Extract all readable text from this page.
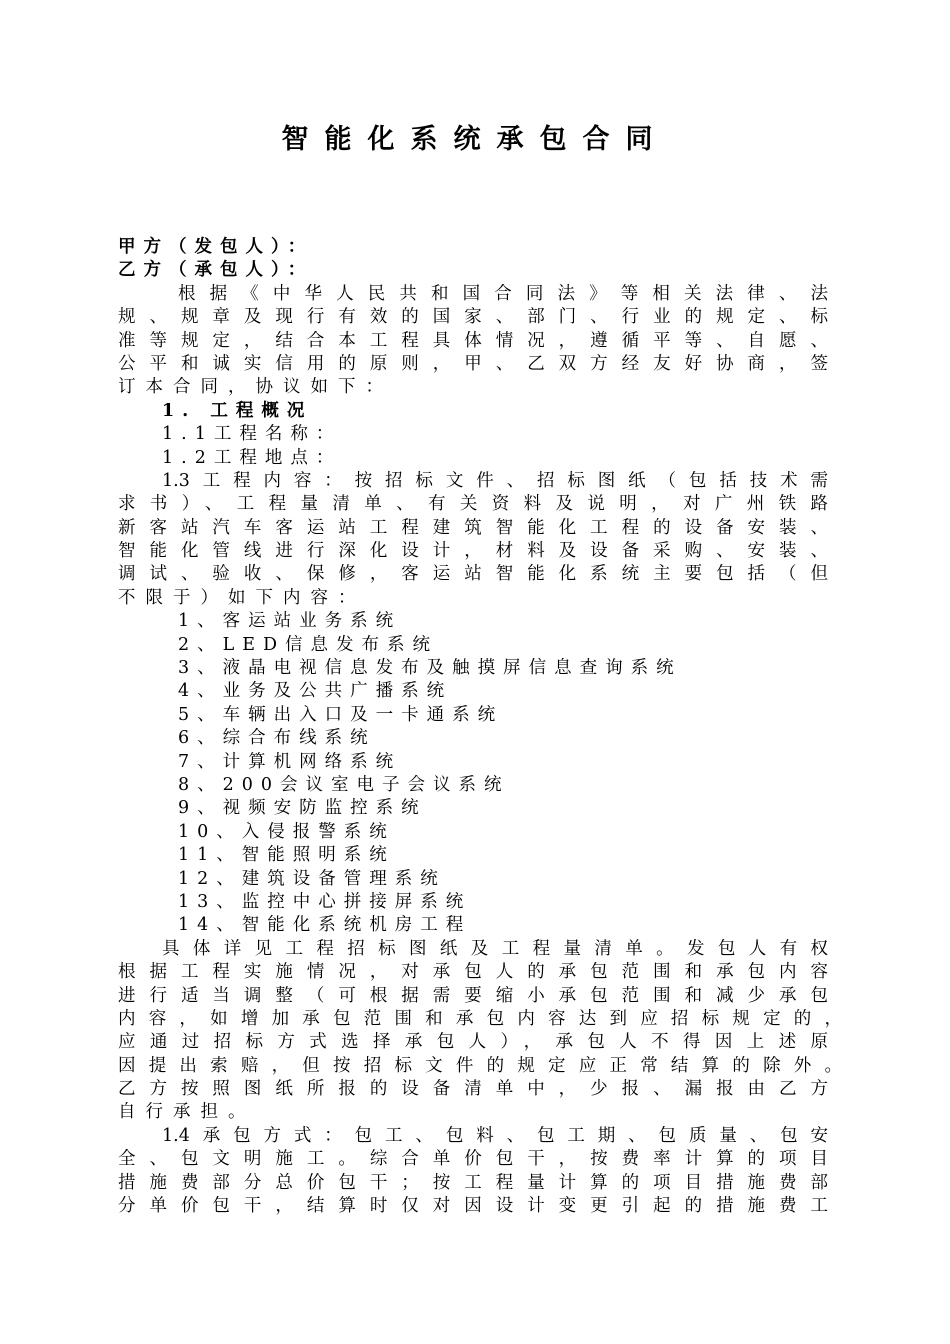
智能化系统承包合同
甲方（发包人）：
乙方（承包人）：
根据《中华人民共和国合同法》等相关法律、法
规、规章及现行有效的国家、部门、行业的规定、标
准等规定，结合本工程具体情况，遵循平等、自愿、
公平和诚实信用的原则，甲、乙双方经友好协商，签
订本合同，协议如下：
1. 工程概况
1.1工程名称：
1.2工程地点：
1.3工程内容：按招标文件、招标图纸（包括技术需
求书）、工程量清单、有关资料及说明，对广州铁路
新客站汽车客运站工程建筑智能化工程的设备安装、
智能化管线进行深化设计，材料及设备采购、安装、
调试、验收、保修，客运站智能化系统主要包括（但
不限于）如下内容：
1、客运站业务系统
2、LED信息发布系统
3、液晶电视信息发布及触摸屏信息查询系统
4、业务及公共广播系统
5、车辆出入口及一卡通系统
6、综合布线系统
7、计算机网络系统
8、200会议室电子会议系统
9、视频安防监控系统
10、入侵报警系统
11、智能照明系统
12、建筑设备管理系统
13、监控中心拼接屏系统
14、智能化系统机房工程
具体详见工程招标图纸及工程量清单。发包人有权
根据工程实施情况，对承包人的承包范围和承包内容
进行适当调整（可根据需要缩小承包范围和减少承包
内容，如增加承包范围和承包内容达到应招标规定的，
应通过招标方式选择承包人），承包人不得因上述原
因提出索赔，但按招标文件的规定应正常结算的除外。
乙方按照图纸所报的设备清单中，少报、漏报由乙方
自行承担。
1.4承包方式：包工、包料、包工期、包质量、包安
全、包文明施工。综合单价包干，按费率计算的项目
措施费部分总价包干；按工程量计算的项目措施费部
分单价包干，结算时仅对因设计变更引起的措施费工
